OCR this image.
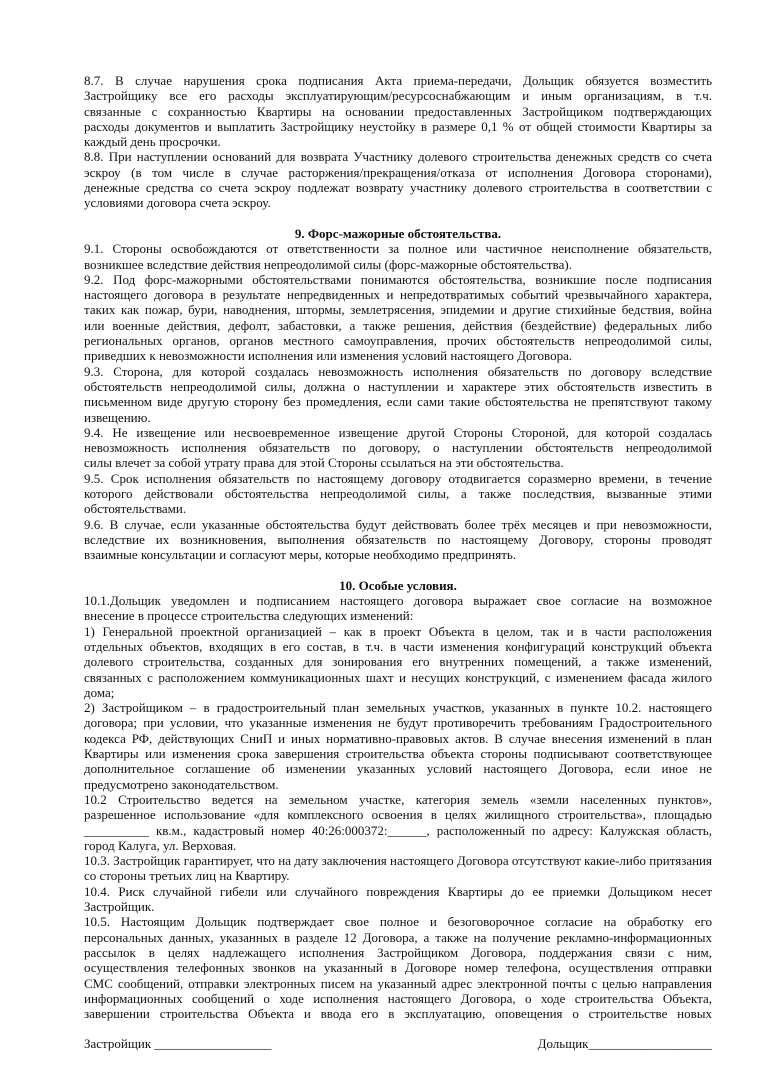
8.7. В случае нарушения срока подписания Акта приема-передачи, Дольщик обязуется возместить
Застройщику все его расходы эксплуатирующим/ресурсоснабжающим и иным организациям, в т.ч.
связанные с сохранностью Квартиры на основании предоставленных Застройщиком подтверждающих
расходы документов и выплатить Застройщику неустойку в размере 0,1 % от общей стоимости Квартиры за
каждый день просрочки.
8.8. При наступлении оснований для возврата Участнику долевого строительства денежных средств со счета
эскроу (в том числе в случае расторжения/прекращения/отказа от исполнения Договора сторонами),
денежные средства со счета эскроу подлежат возврату участнику долевого строительства в соответствии с
условиями договора счета эскроу.
9. Форс-мажорные обстоятельства.
9.1. Стороны освобождаются от ответственности за полное или частичное неисполнение обязательств,
возникшее вследствие действия непреодолимой силы (форс-мажорные обстоятельства).
9.2. Под форс-мажорными обстоятельствами понимаются обстоятельства, возникшие после подписания
настоящего договора в результате непредвиденных и непредотвратимых событий чрезвычайного характера,
таких как пожар, бури, наводнения, штормы, землетрясения, эпидемии и другие стихийные бедствия, война
или военные действия, дефолт, забастовки, а также решения, действия (бездействие) федеральных либо
региональных органов, органов местного самоуправления, прочих обстоятельств непреодолимой силы,
приведших к невозможности исполнения или изменения условий настоящего Договора.
9.3. Сторона, для которой создалась невозможность исполнения обязательств по договору вследствие
обстоятельств непреодолимой силы, должна о наступлении и характере этих обстоятельств известить в
письменном виде другую сторону без промедления, если сами такие обстоятельства не препятствуют такому
извещению.
9.4. Не извещение или несвоевременное извещение другой Стороны Стороной, для которой создалась
невозможность исполнения обязательств по договору, о наступлении обстоятельств непреодолимой
силы влечет за собой утрату права для этой Стороны ссылаться на эти обстоятельства.
9.5. Срок исполнения обязательств по настоящему договору отодвигается соразмерно времени, в течение
которого действовали обстоятельства непреодолимой силы, а также последствия, вызванные этими
обстоятельствами.
9.6. В случае, если указанные обстоятельства будут действовать более трёх месяцев и при невозможности,
вследствие их возникновения, выполнения обязательств по настоящему Договору, стороны проводят
взаимные консультации и согласуют меры, которые необходимо предпринять.
10. Особые условия.
10.1.Дольщик уведомлен и подписанием настоящего договора выражает свое согласие на возможное
внесение в процессе строительства следующих изменений:
1) Генеральной проектной организацией – как в проект Объекта в целом, так и в части расположения
отдельных объектов, входящих в его состав, в т.ч. в части изменения конфигураций конструкций объекта
долевого строительства, созданных для зонирования его внутренних помещений, а также изменений,
связанных с расположением коммуникационных шахт и несущих конструкций, с изменением фасада жилого
дома;
2) Застройщиком – в градостроительный план земельных участков, указанных в пункте 10.2. настоящего
договора; при условии, что указанные изменения не будут противоречить требованиям Градостроительного
кодекса РФ, действующих СниП и иных нормативно-правовых актов. В случае внесения изменений в план
Квартиры или изменения срока завершения строительства объекта стороны подписывают соответствующее
дополнительное соглашение об изменении указанных условий настоящего Договора, если иное не
предусмотрено законодательством.
10.2 Строительство ведется на земельном участке, категория земель «земли населенных пунктов»,
разрешенное использование «для комплексного освоения в целях жилищного строительства», площадью
__________ кв.м., кадастровый номер 40:26:000372:______, расположенный по адресу: Калужская область,
город Калуга, ул. Верховая.
10.3. Застройщик гарантирует, что на дату заключения настоящего Договора отсутствуют какие-либо притязания
со стороны третьих лиц на Квартиру.
10.4. Риск случайной гибели или случайного повреждения Квартиры до ее приемки Дольщиком несет
Застройщик.
10.5. Настоящим Дольщик подтверждает свое полное и безоговорочное согласие на обработку его
персональных данных, указанных в разделе 12 Договора, а также на получение рекламно-информационных
рассылок в целях надлежащего исполнения Застройщиком Договора, поддержания связи с ним,
осуществления телефонных звонков на указанный в Договоре номер телефона, осуществления отправки
СМС сообщений, отправки электронных писем на указанный адрес электронной почты с целью направления
информационных сообщений о ходе исполнения настоящего Договора, о ходе строительства Объекта,
завершении строительства Объекта и ввода его в эксплуатацию, оповещения о строительстве новых
Застройщик __________________	Дольщик___________________
